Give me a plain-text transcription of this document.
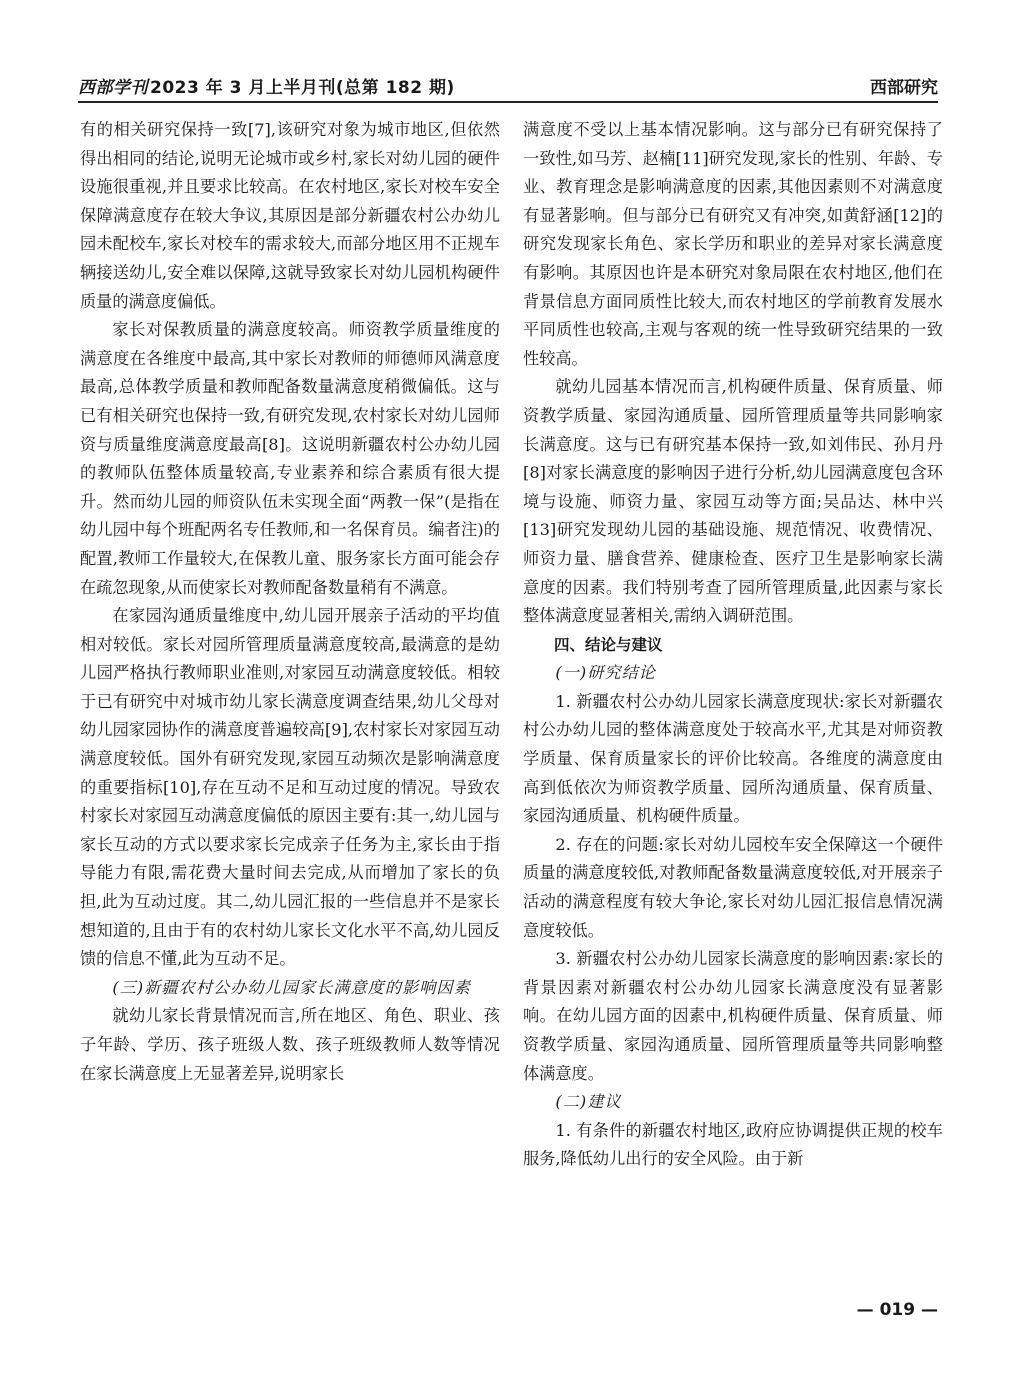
西部学刊 2023 年 3 月上半月刊(总第 182 期)	西部研究

有的相关研究保持一致[7],该研究对象为城市地区,但依然得出相同的结论,说明无论城市或乡村,家长对幼儿园的硬件设施很重视,并且要求比较高。在农村地区,家长对校车安全保障满意度存在较大争议,其原因是部分新疆农村公办幼儿园未配校车,家长对校车的需求较大,而部分地区用不正规车辆接送幼儿,安全难以保障,这就导致家长对幼儿园机构硬件质量的满意度偏低。

家长对保教质量的满意度较高。师资教学质量维度的满意度在各维度中最高,其中家长对教师的师德师风满意度最高,总体教学质量和教师配备数量满意度稍微偏低。这与已有相关研究也保持一致,有研究发现,农村家长对幼儿园师资与质量维度满意度最高[8]。这说明新疆农村公办幼儿园的教师队伍整体质量较高,专业素养和综合素质有很大提升。然而幼儿园的师资队伍未实现全面“两教一保”(是指在幼儿园中每个班配两名专任教师,和一名保育员。编者注)的配置,教师工作量较大,在保教儿童、服务家长方面可能会存在疏忽现象,从而使家长对教师配备数量稍有不满意。

在家园沟通质量维度中,幼儿园开展亲子活动的平均值相对较低。家长对园所管理质量满意度较高,最满意的是幼儿园严格执行教师职业准则,对家园互动满意度较低。相较于已有研究中对城市幼儿家长满意度调查结果,幼儿父母对幼儿园家园协作的满意度普遍较高[9],农村家长对家园互动满意度较低。国外有研究发现,家园互动频次是影响满意度的重要指标[10],存在互动不足和互动过度的情况。导致农村家长对家园互动满意度偏低的原因主要有:其一,幼儿园与家长互动的方式以要求家长完成亲子任务为主,家长由于指导能力有限,需花费大量时间去完成,从而增加了家长的负担,此为互动过度。其二,幼儿园汇报的一些信息并不是家长想知道的,且由于有的农村幼儿家长文化水平不高,幼儿园反馈的信息不懂,此为互动不足。

(三)新疆农村公办幼儿园家长满意度的影响因素

就幼儿家长背景情况而言,所在地区、角色、职业、孩子年龄、学历、孩子班级人数、孩子班级教师人数等情况在家长满意度上无显著差异,说明家长

满意度不受以上基本情况影响。这与部分已有研究保持了一致性,如马芳、赵楠[11]研究发现,家长的性别、年龄、专业、教育理念是影响满意度的因素,其他因素则不对满意度有显著影响。但与部分已有研究又有冲突,如黄舒涵[12]的研究发现家长角色、家长学历和职业的差异对家长满意度有影响。其原因也许是本研究对象局限在农村地区,他们在背景信息方面同质性比较大,而农村地区的学前教育发展水平同质性也较高,主观与客观的统一性导致研究结果的一致性较高。

就幼儿园基本情况而言,机构硬件质量、保育质量、师资教学质量、家园沟通质量、园所管理质量等共同影响家长满意度。这与已有研究基本保持一致,如刘伟民、孙月丹[8]对家长满意度的影响因子进行分析,幼儿园满意度包含环境与设施、师资力量、家园互动等方面;吴品达、林中兴[13]研究发现幼儿园的基础设施、规范情况、收费情况、师资力量、膳食营养、健康检查、医疗卫生是影响家长满意度的因素。我们特别考查了园所管理质量,此因素与家长整体满意度显著相关,需纳入调研范围。

四、结论与建议

(一)研究结论

1. 新疆农村公办幼儿园家长满意度现状:家长对新疆农村公办幼儿园的整体满意度处于较高水平,尤其是对师资教学质量、保育质量家长的评价比较高。各维度的满意度由高到低依次为师资教学质量、园所沟通质量、保育质量、家园沟通质量、机构硬件质量。

2. 存在的问题:家长对幼儿园校车安全保障这一个硬件质量的满意度较低,对教师配备数量满意度较低,对开展亲子活动的满意程度有较大争论,家长对幼儿园汇报信息情况满意度较低。

3. 新疆农村公办幼儿园家长满意度的影响因素:家长的背景因素对新疆农村公办幼儿园家长满意度没有显著影响。在幼儿园方面的因素中,机构硬件质量、保育质量、师资教学质量、家园沟通质量、园所管理质量等共同影响整体满意度。

(二)建议

1. 有条件的新疆农村地区,政府应协调提供正规的校车服务,降低幼儿出行的安全风险。由于新

— 019 —
